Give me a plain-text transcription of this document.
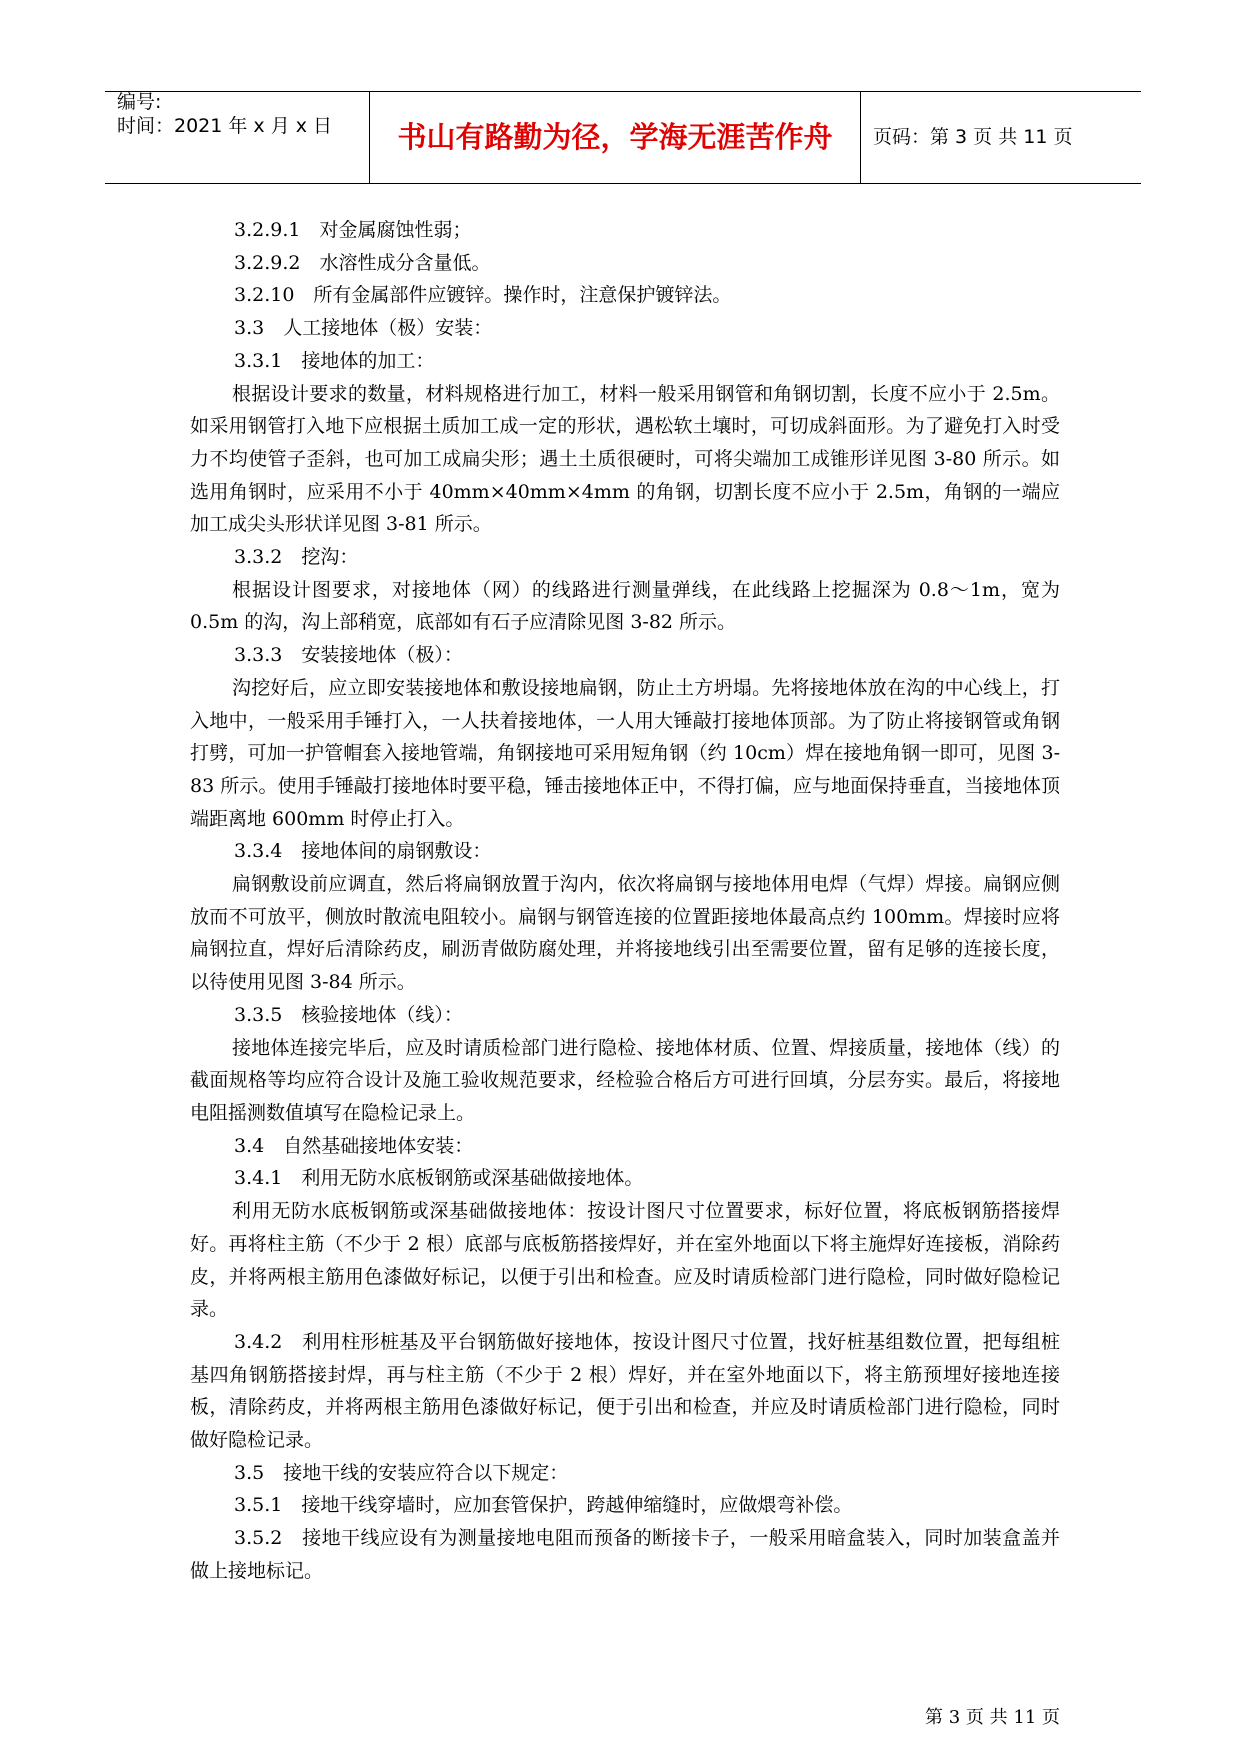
编号:
时间：2021 年 x 月 x 日	书山有路勤为径，学海无涯苦作舟	页码：第 3 页 共 11 页

3.2.9.1　对金属腐蚀性弱；

3.2.9.2　水溶性成分含量低。

3.2.10　所有金属部件应镀锌。操作时，注意保护镀锌法。

3.3　人工接地体（极）安装：

3.3.1　接地体的加工：

根据设计要求的数量，材料规格进行加工，材料一般采用钢管和角钢切割，长度不应小于 2.5m。如采用钢管打入地下应根据土质加工成一定的形状，遇松软土壤时，可切成斜面形。为了避免打入时受力不均使管子歪斜，也可加工成扁尖形；遇土土质很硬时，可将尖端加工成锥形详见图 3-80 所示。如选用角钢时，应采用不小于 40mm×40mm×4mm 的角钢，切割长度不应小于 2.5m，角钢的一端应加工成尖头形状详见图 3-81 所示。

3.3.2　挖沟：

根据设计图要求，对接地体（网）的线路进行测量弹线，在此线路上挖掘深为 0.8～1m，宽为 0.5m 的沟，沟上部稍宽，底部如有石子应清除见图 3-82 所示。

3.3.3　安装接地体（极）：

沟挖好后，应立即安装接地体和敷设接地扁钢，防止土方坍塌。先将接地体放在沟的中心线上，打入地中，一般采用手锤打入，一人扶着接地体，一人用大锤敲打接地体顶部。为了防止将接钢管或角钢打劈，可加一护管帽套入接地管端，角钢接地可采用短角钢（约 10cm）焊在接地角钢一即可，见图 3-83 所示。使用手锤敲打接地体时要平稳，锤击接地体正中，不得打偏，应与地面保持垂直，当接地体顶端距离地 600mm 时停止打入。

3.3.4　接地体间的扇钢敷设：

扁钢敷设前应调直，然后将扁钢放置于沟内，依次将扁钢与接地体用电焊（气焊）焊接。扁钢应侧放而不可放平，侧放时散流电阻较小。扁钢与钢管连接的位置距接地体最高点约 100mm。焊接时应将扁钢拉直，焊好后清除药皮，刷沥青做防腐处理，并将接地线引出至需要位置，留有足够的连接长度，以待使用见图 3-84 所示。

3.3.5　核验接地体（线）：

接地体连接完毕后，应及时请质检部门进行隐检、接地体材质、位置、焊接质量，接地体（线）的截面规格等均应符合设计及施工验收规范要求，经检验合格后方可进行回填，分层夯实。最后，将接地电阻摇测数值填写在隐检记录上。

3.4　自然基础接地体安装：

3.4.1　利用无防水底板钢筋或深基础做接地体。

利用无防水底板钢筋或深基础做接地体：按设计图尺寸位置要求，标好位置，将底板钢筋搭接焊好。再将柱主筋（不少于 2 根）底部与底板筋搭接焊好，并在室外地面以下将主施焊好连接板，消除药皮，并将两根主筋用色漆做好标记，以便于引出和检查。应及时请质检部门进行隐检，同时做好隐检记录。

3.4.2　利用柱形桩基及平台钢筋做好接地体，按设计图尺寸位置，找好桩基组数位置，把每组桩基四角钢筋搭接封焊，再与柱主筋（不少于 2 根）焊好，并在室外地面以下，将主筋预埋好接地连接板，清除药皮，并将两根主筋用色漆做好标记，便于引出和检查，并应及时请质检部门进行隐检，同时做好隐检记录。

3.5　接地干线的安装应符合以下规定：

3.5.1　接地干线穿墙时，应加套管保护，跨越伸缩缝时，应做煨弯补偿。

3.5.2　接地干线应设有为测量接地电阻而预备的断接卡子，一般采用暗盒装入，同时加装盒盖并做上接地标记。

第 3 页 共 11 页
